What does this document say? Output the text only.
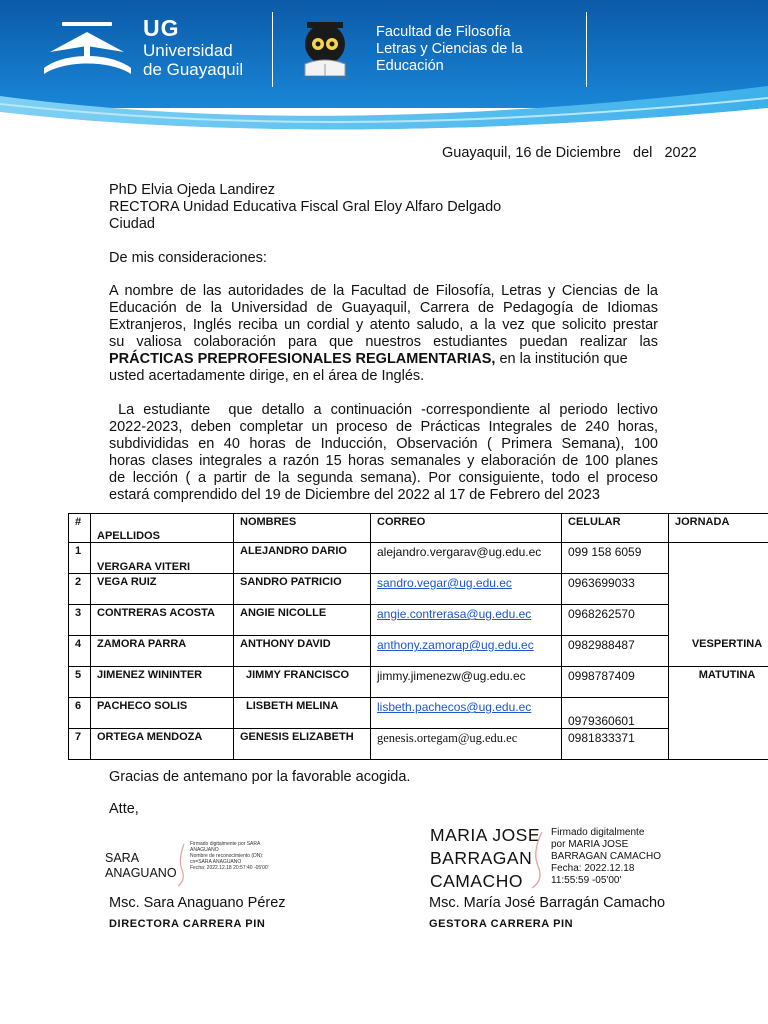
UG
Universidad
de Guayaquil
Facultad de Filosofía
Letras y Ciencias de la
Educación
Guayaquil, 16 de Diciembre   del   2022
PhD Elvia Ojeda Landirez
RECTORA Unidad Educativa Fiscal Gral Eloy Alfaro Delgado
Ciudad
De mis consideraciones:
A nombre de las autoridades de la Facultad de Filosofía, Letras y Ciencias de la
Educación de la Universidad de Guayaquil, Carrera de Pedagogía de Idiomas
Extranjeros, Inglés reciba un cordial y atento saludo, a la vez que solicito prestar
su valiosa colaboración para que nuestros estudiantes puedan realizar las
PRÁCTICAS PREPROFESIONALES REGLAMENTARIAS, en la institución que
usted acertadamente dirige, en el área de Inglés.
La estudiante  que detallo a continuación -correspondiente al periodo lectivo
2022-2023, deben completar un proceso de Prácticas Integrales de 240 horas,
subdivididas en 40 horas de Inducción, Observación ( Primera Semana), 100
horas clases integrales a razón 15 horas semanales y elaboración de 100 planes
de lección ( a partir de la segunda semana). Por consiguiente, todo el proceso
estará comprendido del 19 de Diciembre del 2022 al 17 de Febrero del 2023
#	APELLIDOS	NOMBRES	CORREO	CELULAR	JORNADA
1	VERGARA VITERI	ALEJANDRO DARIO	alejandro.vergarav@ug.edu.ec	099 158 6059	
2	VEGA RUIZ	SANDRO PATRICIO	sandro.vegar@ug.edu.ec	0963699033	
3	CONTRERAS ACOSTA	ANGIE NICOLLE	angie.contrerasa@ug.edu.ec	0968262570	
4	ZAMORA PARRA	ANTHONY DAVID	anthony.zamorap@ug.edu.ec	0982988487	VESPERTINA
5	JIMENEZ WININTER	JIMMY FRANCISCO	jimmy.jimenezw@ug.edu.ec	0998787409	MATUTINA
6	PACHECO SOLIS	LISBETH MELINA	lisbeth.pachecos@ug.edu.ec	0979360601	
7	ORTEGA MENDOZA	GENESIS ELIZABETH	genesis.ortegam@ug.edu.ec	0981833371	
Gracias de antemano por la favorable acogida.
Atte,
SARA
ANAGUANO
Firmado digitalmente por SARA
ANAGUANO
Nombre de reconocimiento (DN):
cn=SARA ANAGUANO
Fecha: 2022.12.18 20:57:40 -05'00'
Msc. Sara Anaguano Pérez
DIRECTORA CARRERA PIN
MARIA JOSE
BARRAGAN
CAMACHO
Firmado digitalmente
por MARIA JOSE
BARRAGAN CAMACHO
Fecha: 2022.12.18
11:55:59 -05'00'
Msc. María José Barragán Camacho
GESTORA CARRERA PIN
